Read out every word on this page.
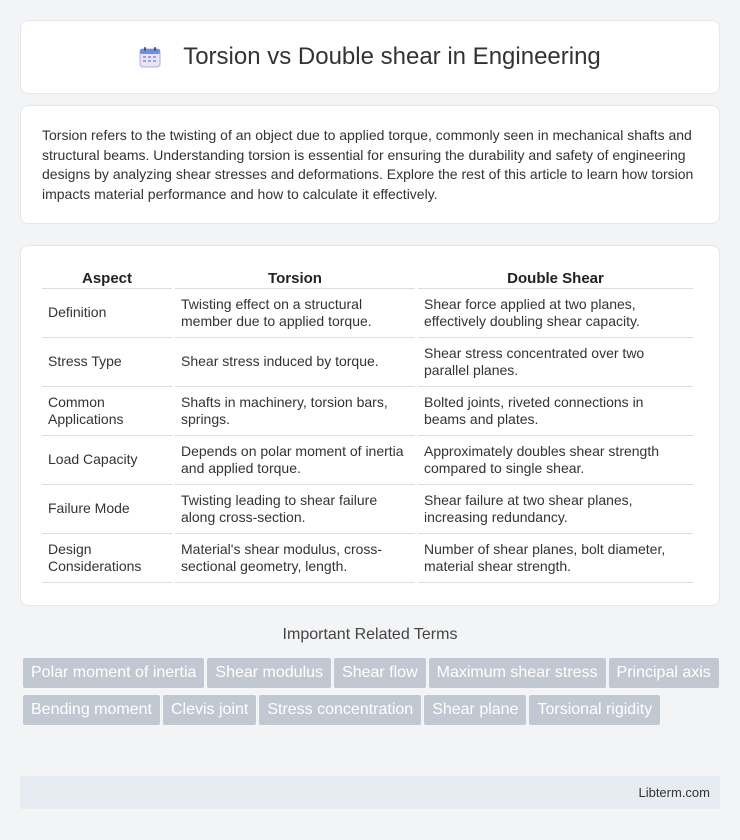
Torsion vs Double shear in Engineering

Torsion refers to the twisting of an object due to applied torque, commonly seen in mechanical shafts and structural beams. Understanding torsion is essential for ensuring the durability and safety of engineering designs by analyzing shear stresses and deformations. Explore the rest of this article to learn how torsion impacts material performance and how to calculate it effectively.

Aspect	Torsion	Double Shear
Definition	Twisting effect on a structural member due to applied torque.	Shear force applied at two planes, effectively doubling shear capacity.
Stress Type	Shear stress induced by torque.	Shear stress concentrated over two parallel planes.
Common Applications	Shafts in machinery, torsion bars, springs.	Bolted joints, riveted connections in beams and plates.
Load Capacity	Depends on polar moment of inertia and applied torque.	Approximately doubles shear strength compared to single shear.
Failure Mode	Twisting leading to shear failure along cross-section.	Shear failure at two shear planes, increasing redundancy.
Design Considerations	Material's shear modulus, cross-sectional geometry, length.	Number of shear planes, bolt diameter, material shear strength.
Important Related Terms
Polar moment of inertia Shear modulus Shear flow Maximum shear stress Principal axisBending moment Clevis joint Stress concentration Shear plane Torsional rigidity
Libterm.com
